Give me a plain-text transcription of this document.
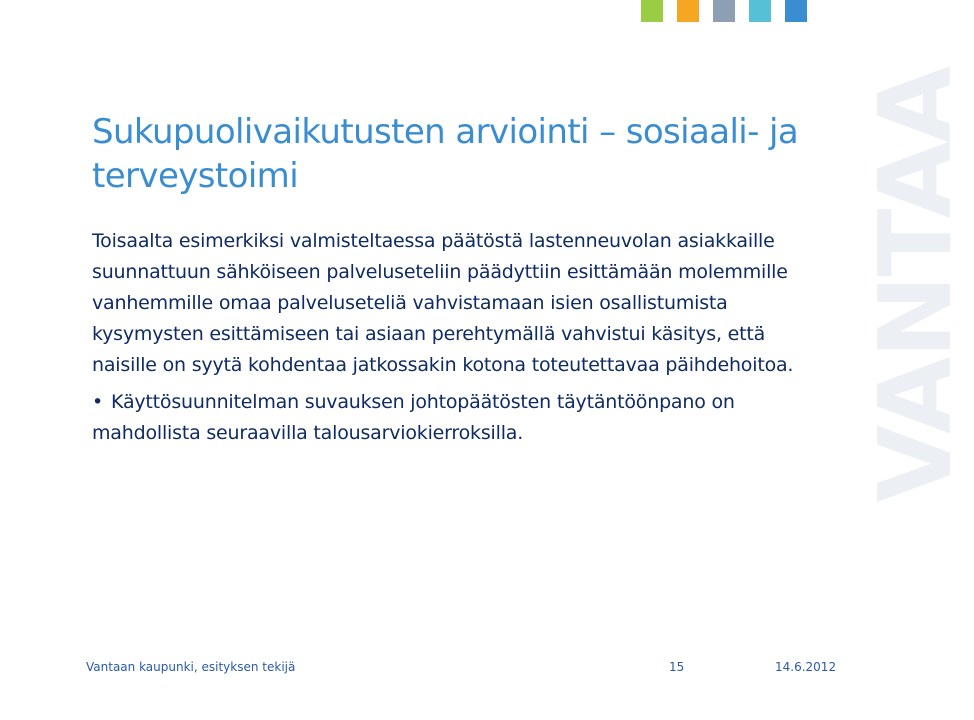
VANTAA
Sukupuolivaikutusten arviointi – sosiaali- ja terveystoimi

Toisaalta esimerkiksi valmisteltaessa päätöstä lastenneuvolan asiakkaille suunnattuun sähköiseen palveluseteliin päädyttiin esittämään molemmille vanhemmille omaa palveluseteliä vahvistamaan isien osallistumista kysymysten esittämiseen tai asiaan perehtymällä vahvistui käsitys, että naisille on syytä kohdentaa jatkossakin kotona toteutettavaa päihdehoitoa.

• Käyttösuunnitelman suvauksen johtopäätösten täytäntöönpano on mahdollista seuraavilla talousarviokierroksilla.

Vantaan kaupunki, esityksen tekijä	15	14.6.2012
